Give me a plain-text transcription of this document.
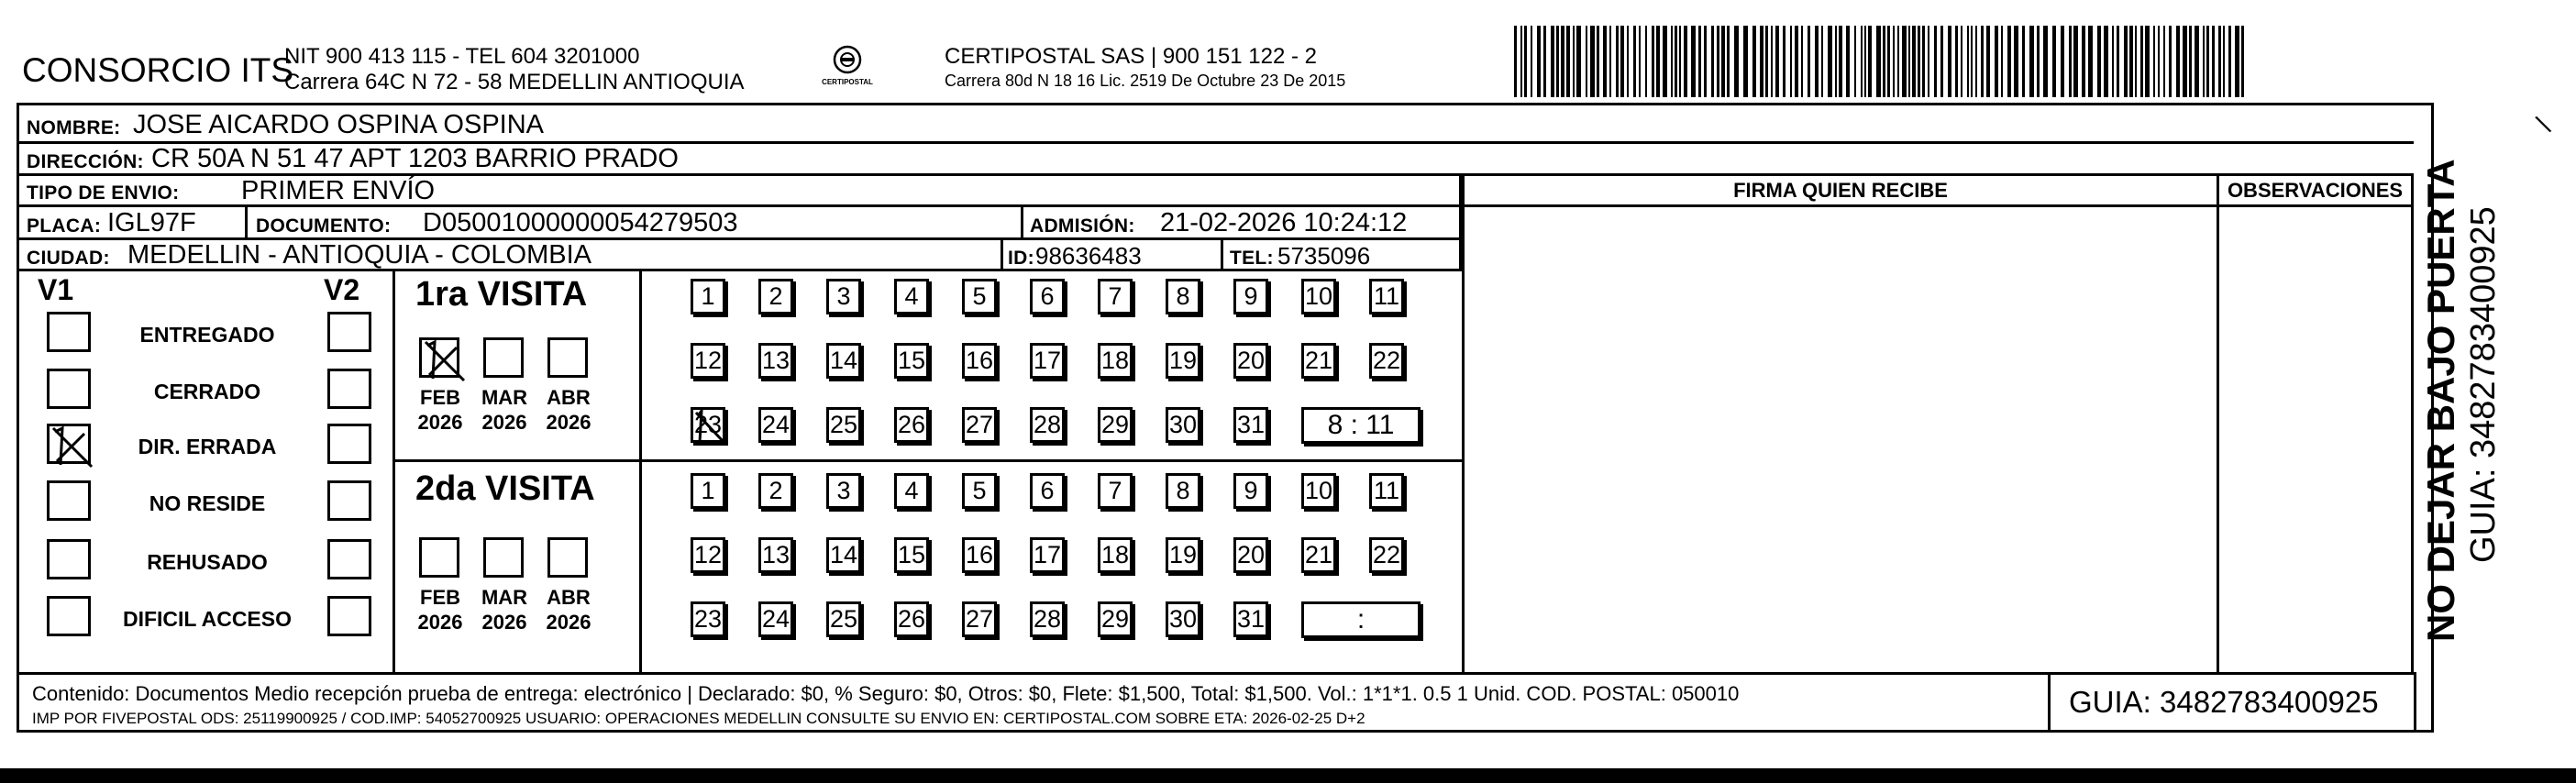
CONSORCIO ITS
NIT 900 413 115 - TEL 604 3201000
Carrera 64C N 72 - 58 MEDELLIN ANTIOQUIA	CERTIPOSTAL
CERTIPOSTAL SAS | 900 151 122 - 2
Carrera 80d N 18 16 Lic. 2519 De Octubre 23 De 2015
NOMBRE: JOSE AICARDO OSPINA OSPINA
DIRECCIÓN: CR 50A N 51 47 APT 1203 BARRIO PRADO
TIPO DE ENVIO: PRIMER ENVÍO
PLACA: IGL97F	DOCUMENTO: D05001000000054279503	ADMISIÓN: 21-02-2026 10:24:12
CIUDAD: MEDELLIN - ANTIOQUIA - COLOMBIA	ID: 98636483	TEL: 5735096
FIRMA QUIEN RECIBE	OBSERVACIONES
V1	V2
ENTREGADO
CERRADO
DIR. ERRADA
NO RESIDE
REHUSADO
DIFICIL ACCESO
1ra VISITA
FEB
2026
MAR
2026
ABR
2026
1	2	3	4	5	6	7	8	9	10 11
12 13 14 15 16 17 18 19 20 21 22
23 24 25 26 27 28 29 30 31	8 : 11
2da VISITA
FEB
2026
MAR
2026
ABR
2026
1	2	3	4	5	6	7	8	9	10 11
12 13 14 15 16 17 18 19 20 21 22
23 24 25 26 27 28 29 30 31	:
Contenido: Documentos Medio recepción prueba de entrega: electrónico | Declarado: $0, % Seguro: $0, Otros: $0, Flete: $1,500, Total: $1,500. Vol.: 1*1*1. 0.5 1 Unid. COD. POSTAL: 050010
IMP POR FIVEPOSTAL ODS: 25119900925 / COD.IMP: 54052700925 USUARIO: OPERACIONES MEDELLIN CONSULTE SU ENVIO EN: CERTIPOSTAL.COM SOBRE ETA: 2026-02-25 D+2	GUIA: 3482783400925
NO DEJAR BAJO PUERTA GUIA: 3482783400925
\
